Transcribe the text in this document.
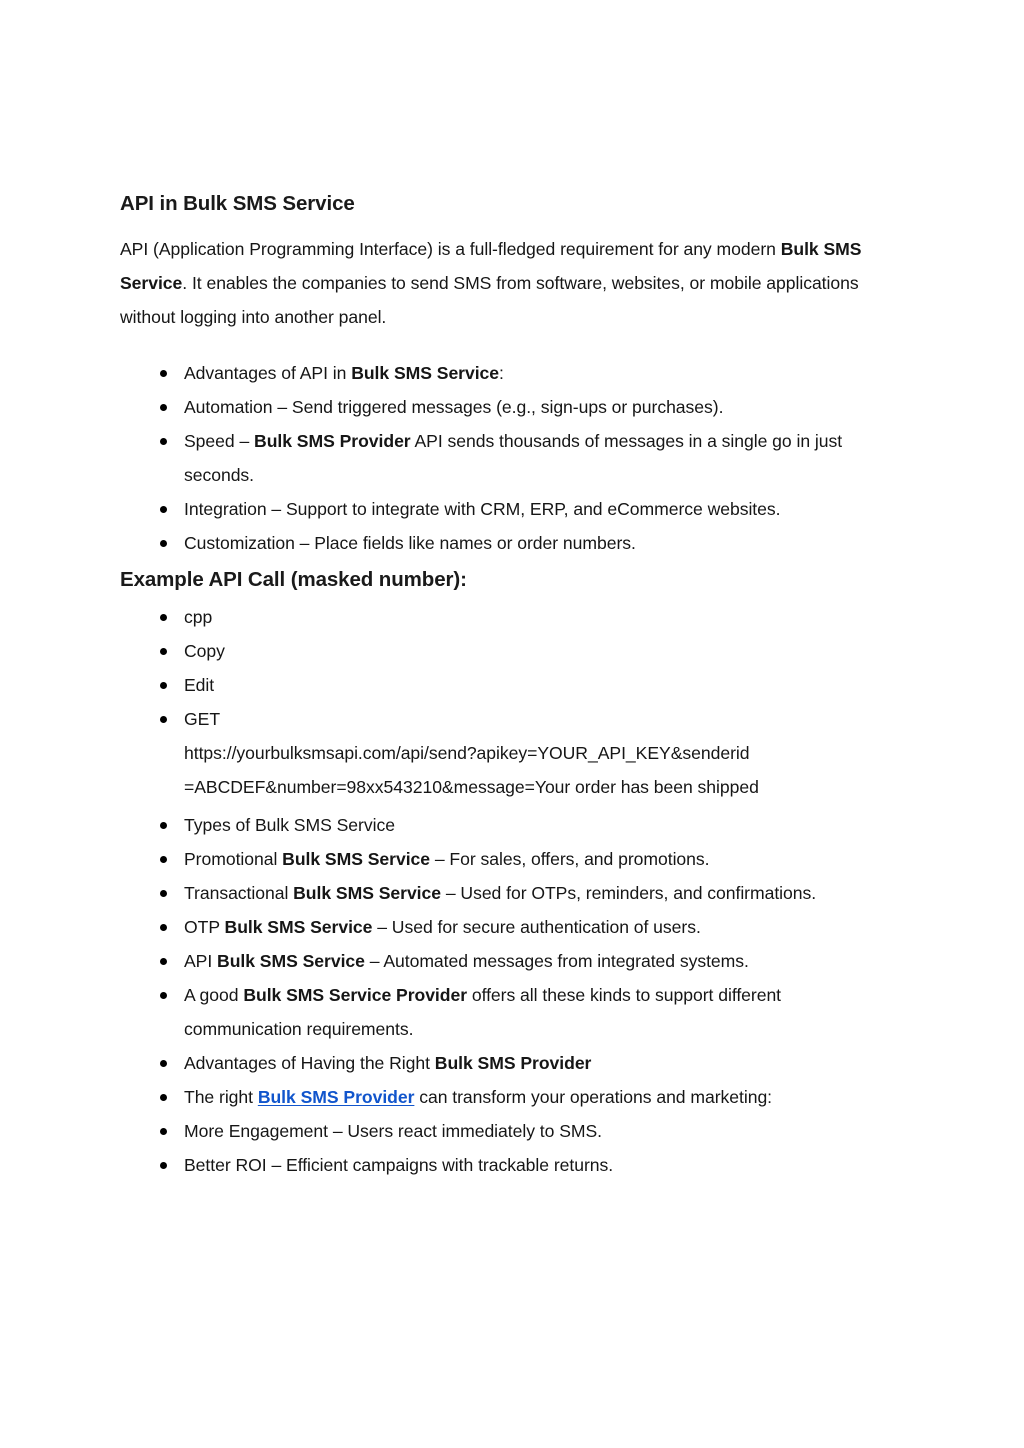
API in Bulk SMS Service

API (Application Programming Interface) is a full-fledged requirement for any modern Bulk SMS Service. It enables the companies to send SMS from software, websites, or mobile applications without logging into another panel.

Advantages of API in Bulk SMS Service:
Automation – Send triggered messages (e.g., sign-ups or purchases).
Speed – Bulk SMS Provider API sends thousands of messages in a single go in just seconds.
Integration – Support to integrate with CRM, ERP, and eCommerce websites.
Customization – Place fields like names or order numbers.
Example API Call (masked number):
cpp
Copy
Edit
GET
https://yourbulksmsapi.com/api/send?apikey=YOUR_API_KEY&senderid
=ABCDEF&number=98xx543210&message=Your order has been shipped
Types of Bulk SMS Service
Promotional Bulk SMS Service – For sales, offers, and promotions.
Transactional Bulk SMS Service – Used for OTPs, reminders, and confirmations.
OTP Bulk SMS Service – Used for secure authentication of users.
API Bulk SMS Service – Automated messages from integrated systems.
A good Bulk SMS Service Provider offers all these kinds to support different communication requirements.
Advantages of Having the Right Bulk SMS Provider
The right Bulk SMS Provider can transform your operations and marketing:
More Engagement – Users react immediately to SMS.
Better ROI – Efficient campaigns with trackable returns.
